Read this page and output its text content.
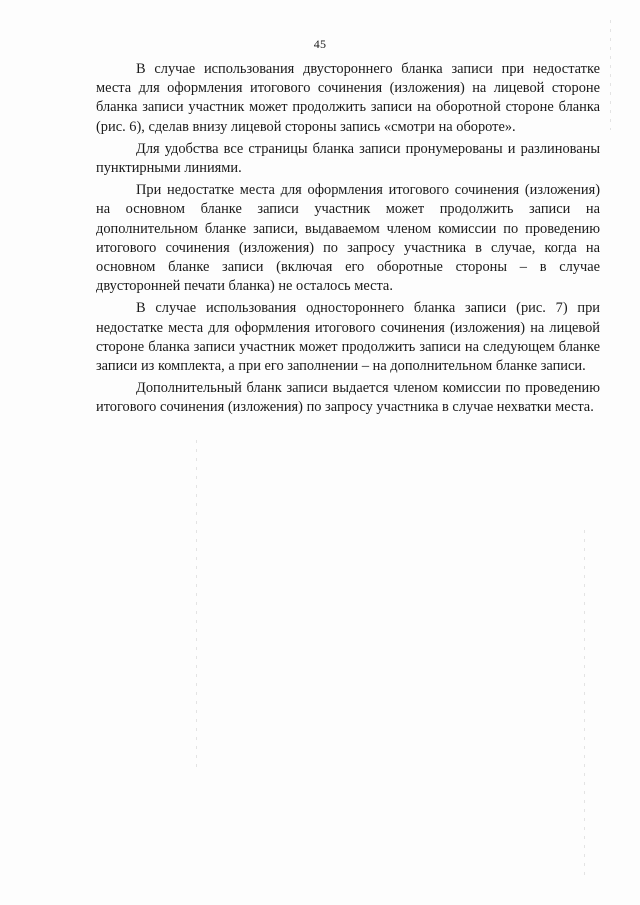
45

В случае использования двустороннего бланка записи при недостатке места для оформления итогового сочинения (изложения) на лицевой стороне бланка записи участник может продолжить записи на оборотной стороне бланка (рис. 6), сделав внизу лицевой стороны запись «смотри на обороте».

Для удобства все страницы бланка записи пронумерованы и разлинованы пунктирными линиями.

При недостатке места для оформления итогового сочинения (изложения) на основном бланке записи участник может продолжить записи на дополнительном бланке записи, выдаваемом членом комиссии по проведению итогового сочинения (изложения) по запросу участника в случае, когда на основном бланке записи (включая его оборотные стороны – в случае двусторонней печати бланка) не осталось места.

В случае использования одностороннего бланка записи (рис. 7) при недостатке места для оформления итогового сочинения (изложения) на лицевой стороне бланка записи участник может продолжить записи на следующем бланке записи из комплекта, а при его заполнении – на дополнительном бланке записи.

Дополнительный бланк записи выдается членом комиссии по проведению итогового сочинения (изложения) по запросу участника в случае нехватки места.
